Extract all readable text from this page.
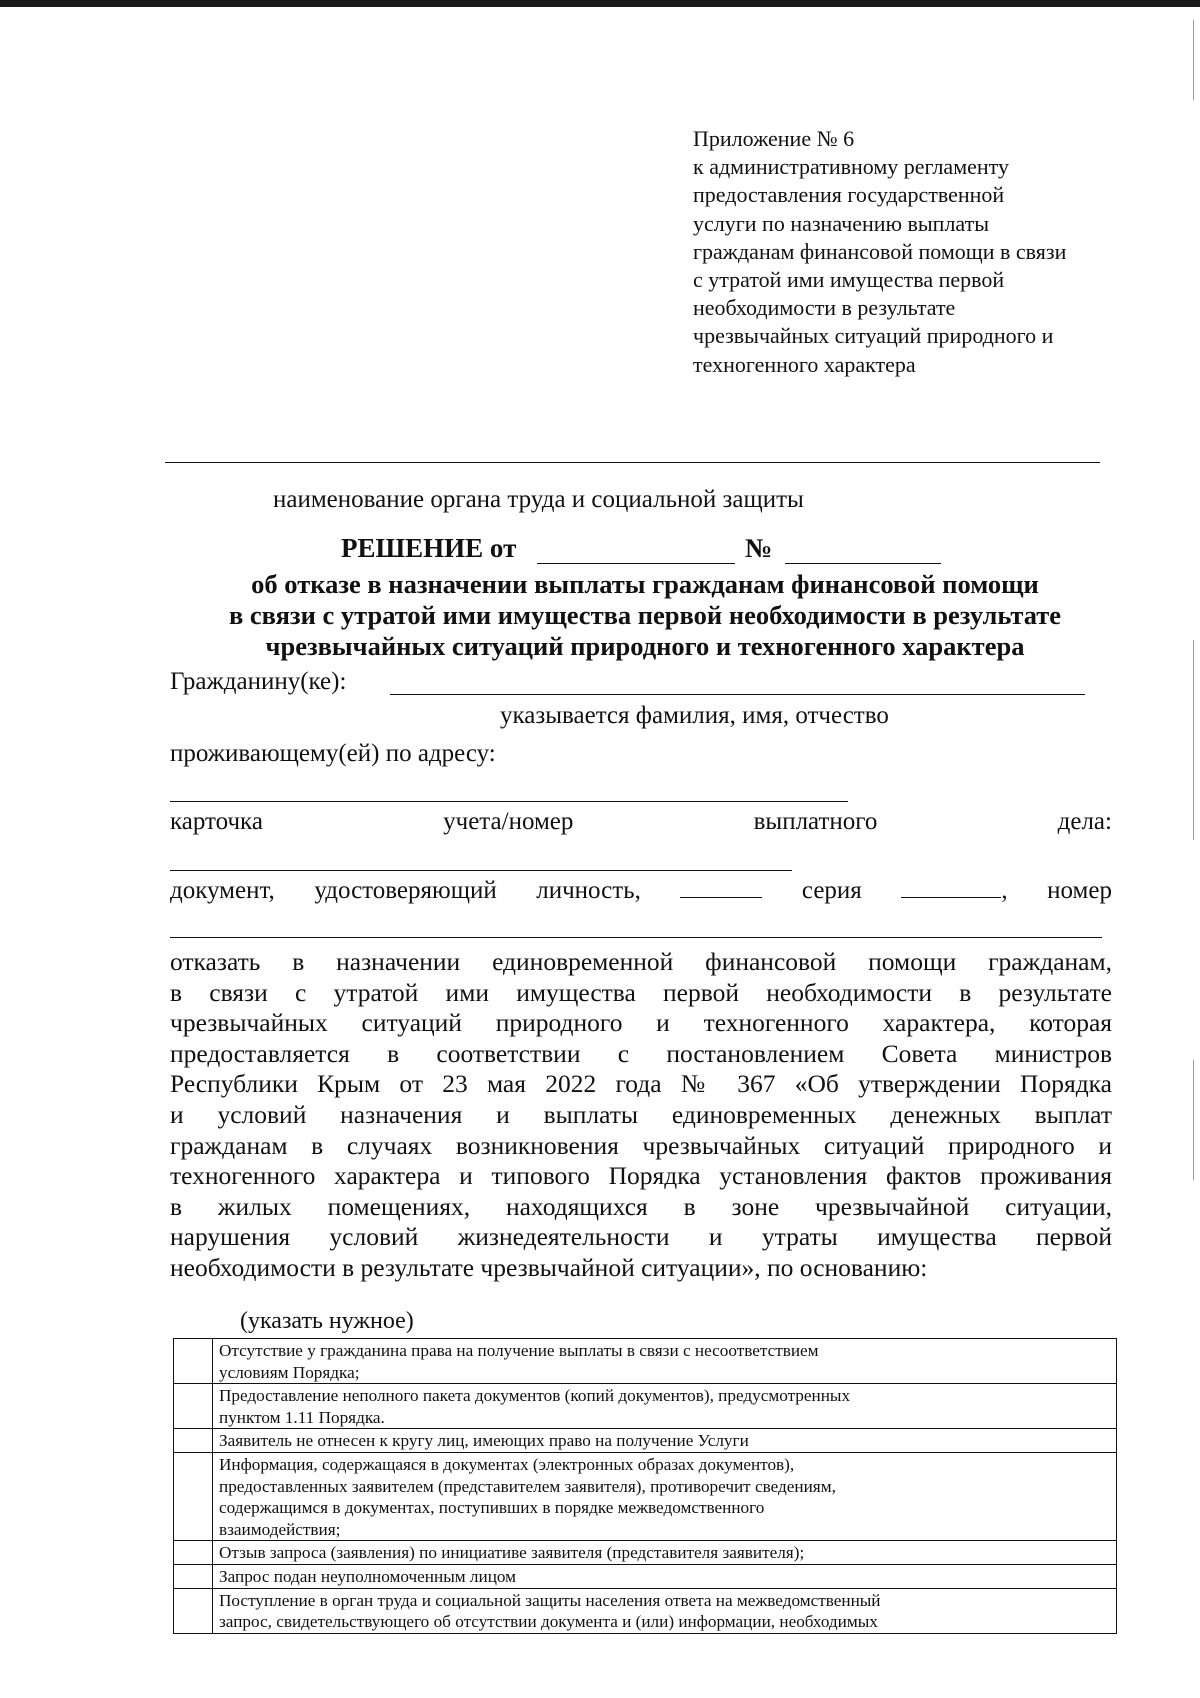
Приложение № 6
к административному регламенту
предоставления государственной
услуги по назначению выплаты
гражданам финансовой помощи в связи
с утратой ими имущества первой
необходимости в результате
чрезвычайных ситуаций природного и
техногенного характера
наименование органа труда и социальной защиты
РЕШЕНИЕ от	№
об отказе в назначении выплаты гражданам финансовой помощи
в связи с утратой ими имущества первой необходимости в результате
чрезвычайных ситуаций природного и техногенного характера
Гражданину(ке):
указывается фамилия, имя, отчество
проживающему(ей) по адресу:
карточка	учета/номер	выплатного	дела:
документ, удостоверяющий личность,	серия	, номер
отказать в назначении единовременной финансовой помощи гражданам,
в связи с утратой ими имущества первой необходимости в результате
чрезвычайных ситуаций природного и техногенного характера, которая
предоставляется в соответствии с постановлением Совета министров
Республики Крым от 23 мая 2022 года № 367 «Об утверждении Порядка
и условий назначения и выплаты единовременных денежных выплат
гражданам в случаях возникновения чрезвычайных ситуаций природного и
техногенного характера и типового Порядка установления фактов проживания
в жилых помещениях, находящихся в зоне чрезвычайной ситуации,
нарушения условий жизнедеятельности и утраты имущества первой
необходимости в результате чрезвычайной ситуации», по основанию:
(указать нужное)

	Отсутствие у гражданина права на получение выплаты в связи с несоответствием
условиям Порядка;

	Предоставление неполного пакета документов (копий документов), предусмотренных
пунктом 1.11 Порядка.

	Заявитель не отнесен к кругу лиц, имеющих право на получение Услуги

	Информация, содержащаяся в документах (электронных образах документов),
предоставленных заявителем (представителем заявителя), противоречит сведениям,
содержащимся в документах, поступивших в порядке межведомственного
взаимодействия;

	Отзыв запроса (заявления) по инициативе заявителя (представителя заявителя);

	Запрос подан неуполномоченным лицом

	Поступление в орган труда и социальной защиты населения ответа на межведомственный
запрос, свидетельствующего об отсутствии документа и (или) информации, необходимых
